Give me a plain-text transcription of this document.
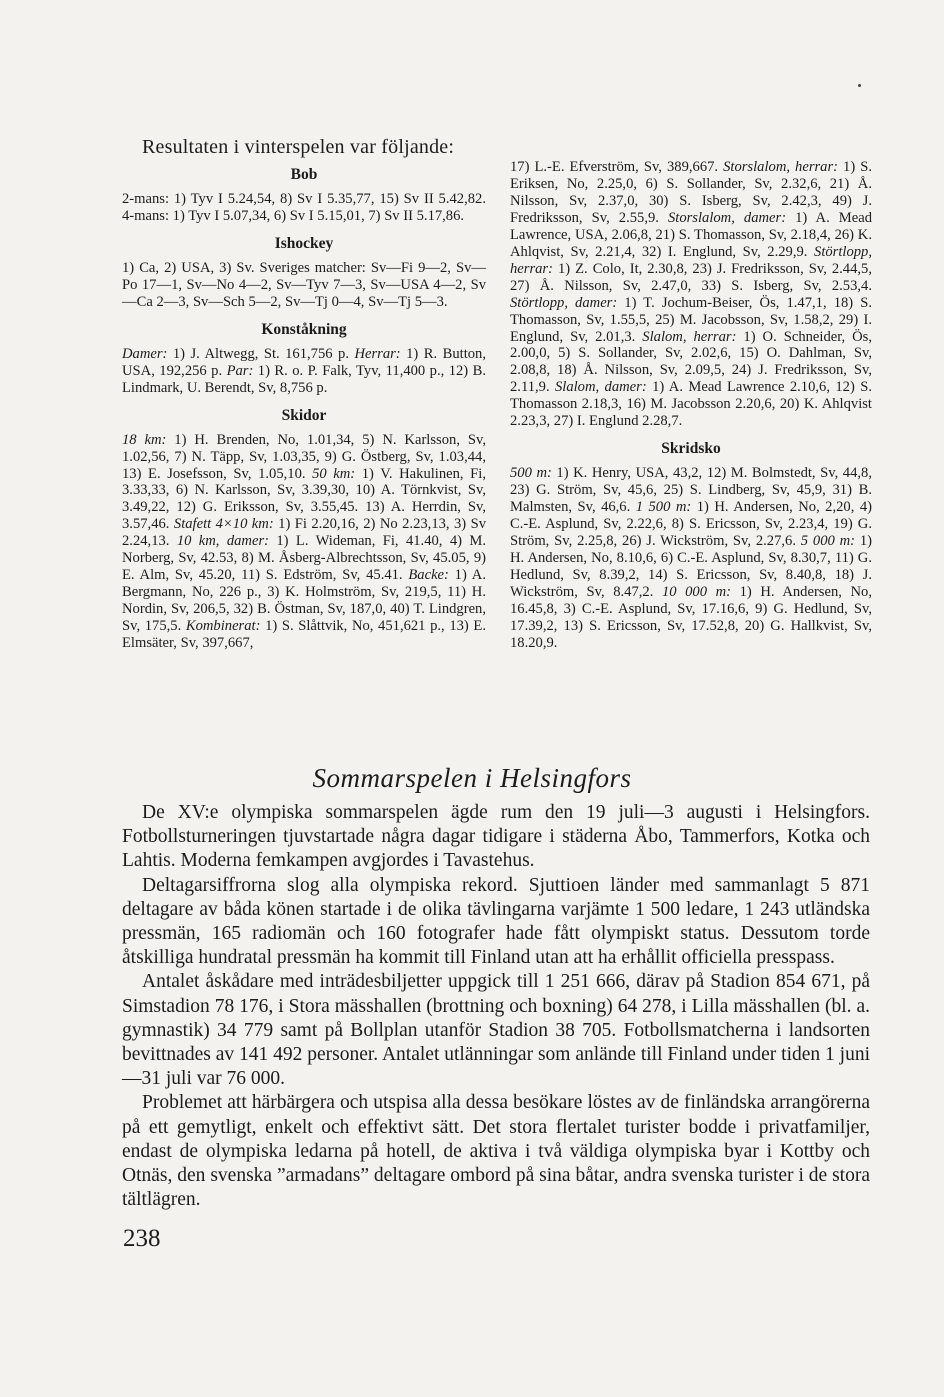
Resultaten i vinterspelen var följande:
Bob

2-mans: 1) Tyv I 5.24,54, 8) Sv I 5.35,77, 15) Sv II 5.42,82. 4-mans: 1) Tyv I 5.07,34, 6) Sv I 5.15,01, 7) Sv II 5.17,86.

Ishockey

1) Ca, 2) USA, 3) Sv. Sveriges matcher: Sv—Fi 9—2, Sv—Po 17—1, Sv—No 4—2, Sv—Tyv 7—3, Sv—USA 4—2, Sv—Ca 2—3, Sv—Sch 5—2, Sv—Tj 0—4, Sv—Tj 5—3.

Konståkning

Damer: 1) J. Altwegg, St. 161,756 p. Herrar: 1) R. Button, USA, 192,256 p. Par: 1) R. o. P. Falk, Tyv, 11,400 p., 12) B. Lindmark, U. Berendt, Sv, 8,756 p.

Skidor

18 km: 1) H. Brenden, No, 1.01,34, 5) N. Karlsson, Sv, 1.02,56, 7) N. Täpp, Sv, 1.03,35, 9) G. Östberg, Sv, 1.03,44, 13) E. Josefsson, Sv, 1.05,10. 50 km: 1) V. Hakulinen, Fi, 3.33,33, 6) N. Karlsson, Sv, 3.39,30, 10) A. Törnkvist, Sv, 3.49,22, 12) G. Eriksson, Sv, 3.55,45. 13) A. Herrdin, Sv, 3.57,46. Stafett 4×10 km: 1) Fi 2.20,16, 2) No 2.23,13, 3) Sv 2.24,13. 10 km, damer: 1) L. Wideman, Fi, 41.40, 4) M. Norberg, Sv, 42.53, 8) M. Åsberg-Albrechtsson, Sv, 45.05, 9) E. Alm, Sv, 45.20, 11) S. Edström, Sv, 45.41. Backe: 1) A. Bergmann, No, 226 p., 3) K. Holmström, Sv, 219,5, 11) H. Nordin, Sv, 206,5, 32) B. Östman, Sv, 187,0, 40) T. Lindgren, Sv, 175,5. Kombinerat: 1) S. Slåttvik, No, 451,621 p., 13) E. Elmsäter, Sv, 397,667,

17) L.-E. Efverström, Sv, 389,667. Storslalom, herrar: 1) S. Eriksen, No, 2.25,0, 6) S. Sollander, Sv, 2.32,6, 21) Å. Nilsson, Sv, 2.37,0, 30) S. Isberg, Sv, 2.42,3, 49) J. Fredriksson, Sv, 2.55,9. Storslalom, damer: 1) A. Mead Lawrence, USA, 2.06,8, 21) S. Thomasson, Sv, 2.18,4, 26) K. Ahlqvist, Sv, 2.21,4, 32) I. Englund, Sv, 2.29,9. Störtlopp, herrar: 1) Z. Colo, It, 2.30,8, 23) J. Fredriksson, Sv, 2.44,5, 27) Å. Nilsson, Sv, 2.47,0, 33) S. Isberg, Sv, 2.53,4. Störtlopp, damer: 1) T. Jochum-Beiser, Ös, 1.47,1, 18) S. Thomasson, Sv, 1.55,5, 25) M. Jacobsson, Sv, 1.58,2, 29) I. Englund, Sv, 2.01,3. Slalom, herrar: 1) O. Schneider, Ös, 2.00,0, 5) S. Sollander, Sv, 2.02,6, 15) O. Dahlman, Sv, 2.08,8, 18) Å. Nilsson, Sv, 2.09,5, 24) J. Fredriksson, Sv, 2.11,9. Slalom, damer: 1) A. Mead Lawrence 2.10,6, 12) S. Thomasson 2.18,3, 16) M. Jacobsson 2.20,6, 20) K. Ahlqvist 2.23,3, 27) I. Englund 2.28,7.

Skridsko

500 m: 1) K. Henry, USA, 43,2, 12) M. Bolmstedt, Sv, 44,8, 23) G. Ström, Sv, 45,6, 25) S. Lindberg, Sv, 45,9, 31) B. Malmsten, Sv, 46,6. 1 500 m: 1) H. Andersen, No, 2,20, 4) C.-E. Asplund, Sv, 2.22,6, 8) S. Ericsson, Sv, 2.23,4, 19) G. Ström, Sv, 2.25,8, 26) J. Wickström, Sv, 2.27,6. 5 000 m: 1) H. Andersen, No, 8.10,6, 6) C.-E. Asplund, Sv, 8.30,7, 11) G. Hedlund, Sv, 8.39,2, 14) S. Ericsson, Sv, 8.40,8, 18) J. Wickström, Sv, 8.47,2. 10 000 m: 1) H. Andersen, No, 16.45,8, 3) C.-E. Asplund, Sv, 17.16,6, 9) G. Hedlund, Sv, 17.39,2, 13) S. Ericsson, Sv, 17.52,8, 20) G. Hallkvist, Sv, 18.20,9.

Sommarspelen i Helsingfors

De XV:e olympiska sommarspelen ägde rum den 19 juli—3 augusti i Helsingfors. Fotbollsturneringen tjuvstartade några dagar tidigare i städerna Åbo, Tammerfors, Kotka och Lahtis. Moderna femkampen avgjordes i Tavastehus.

Deltagarsiffrorna slog alla olympiska rekord. Sjuttioen länder med sammanlagt 5 871 deltagare av båda könen startade i de olika tävlingarna varjämte 1 500 ledare, 1 243 utländska pressmän, 165 radiomän och 160 fotografer hade fått olympiskt status. Dessutom torde åtskilliga hundratal pressmän ha kommit till Finland utan att ha erhållit officiella presspass.

Antalet åskådare med inträdesbiljetter uppgick till 1 251 666, därav på Stadion 854 671, på Simstadion 78 176, i Stora mässhallen (brottning och boxning) 64 278, i Lilla mässhallen (bl. a. gymnastik) 34 779 samt på Bollplan utanför Stadion 38 705. Fotbollsmatcherna i landsorten bevittnades av 141 492 personer. Antalet utlänningar som anlände till Finland under tiden 1 juni—31 juli var 76 000.

Problemet att härbärgera och utspisa alla dessa besökare löstes av de finländska arrangörerna på ett gemytligt, enkelt och effektivt sätt. Det stora flertalet turister bodde i privatfamiljer, endast de olympiska ledarna på hotell, de aktiva i två väldiga olympiska byar i Kottby och Otnäs, den svenska ”armadans” deltagare ombord på sina båtar, andra svenska turister i de stora tältlägren.

238
